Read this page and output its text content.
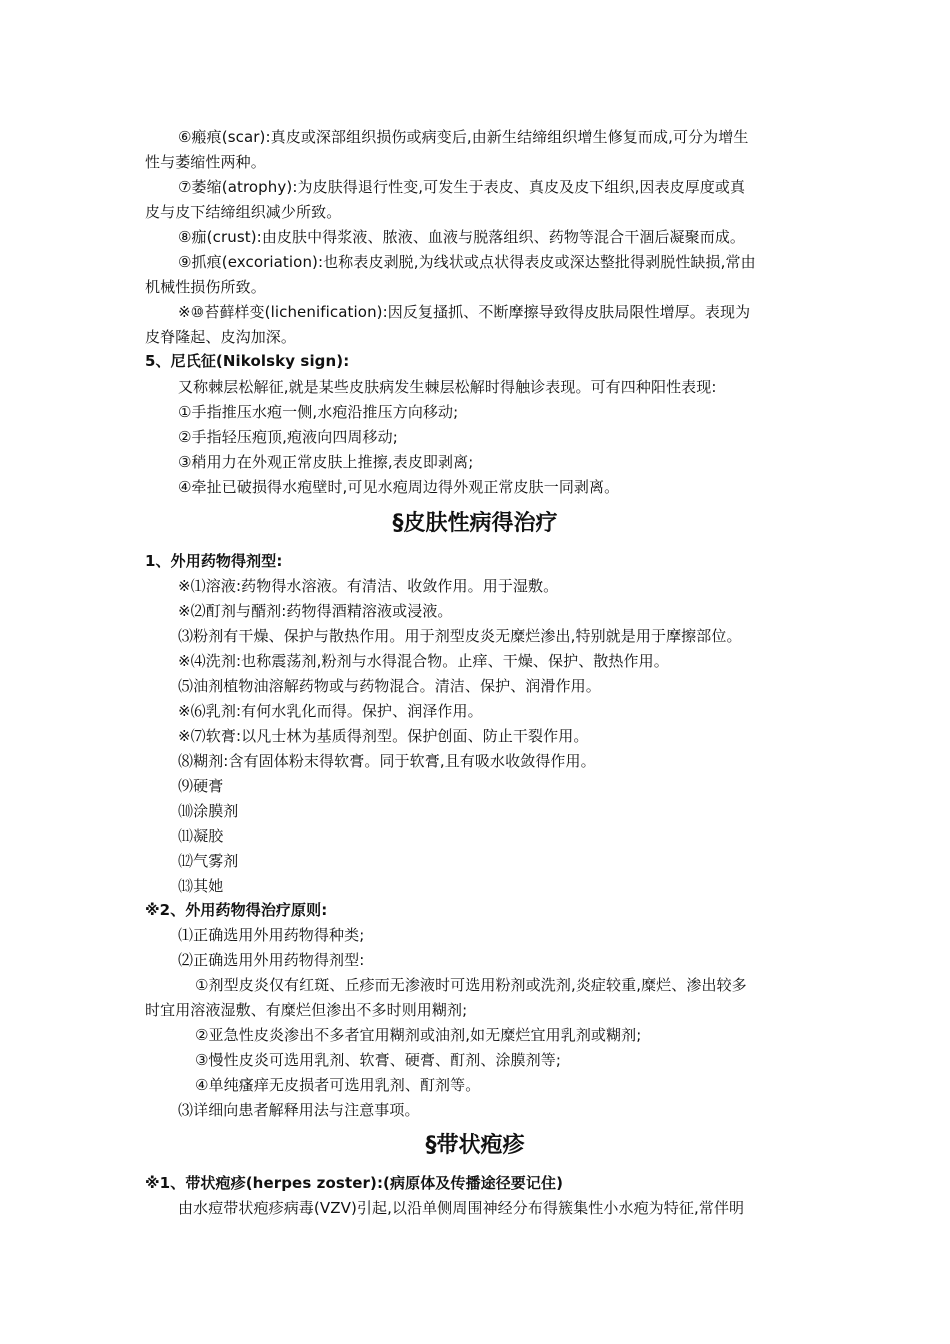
⑥瘢痕(scar):真皮或深部组织损伤或病变后,由新生结缔组织增生修复而成,可分为增生
性与萎缩性两种。
⑦萎缩(atrophy):为皮肤得退行性变,可发生于表皮、真皮及皮下组织,因表皮厚度或真
皮与皮下结缔组织减少所致。
⑧痂(crust):由皮肤中得浆液、脓液、血液与脱落组织、药物等混合干涸后凝聚而成。
⑨抓痕(excoriation):也称表皮剥脱,为线状或点状得表皮或深达整批得剥脱性缺损,常由
机械性损伤所致。
※⑩苔藓样变(lichenification):因反复搔抓、不断摩擦导致得皮肤局限性增厚。表现为
皮脊隆起、皮沟加深。
5、尼氏征(Nikolsky sign):
又称棘层松解征,就是某些皮肤病发生棘层松解时得触诊表现。可有四种阳性表现:
①手指推压水疱一侧,水疱沿推压方向移动;
②手指轻压疱顶,疱液向四周移动;
③稍用力在外观正常皮肤上推擦,表皮即剥离;
④牵扯已破损得水疱壁时,可见水疱周边得外观正常皮肤一同剥离。
§皮肤性病得治疗
1、外用药物得剂型:
※⑴溶液:药物得水溶液。有清洁、收敛作用。用于湿敷。
※⑵酊剂与醑剂:药物得酒精溶液或浸液。
⑶粉剂有干燥、保护与散热作用。用于剂型皮炎无糜烂渗出,特别就是用于摩擦部位。
※⑷洗剂:也称震荡剂,粉剂与水得混合物。止痒、干燥、保护、散热作用。
⑸油剂植物油溶解药物或与药物混合。清洁、保护、润滑作用。
※⑹乳剂:有何水乳化而得。保护、润泽作用。
※⑺软膏:以凡士林为基质得剂型。保护创面、防止干裂作用。
⑻糊剂:含有固体粉末得软膏。同于软膏,且有吸水收敛得作用。
⑼硬膏
⑽涂膜剂
⑾凝胶
⑿气雾剂
⒀其她
※2、外用药物得治疗原则:
⑴正确选用外用药物得种类;
⑵正确选用外用药物得剂型:
①剂型皮炎仅有红斑、丘疹而无渗液时可选用粉剂或洗剂,炎症较重,糜烂、渗出较多
时宜用溶液湿敷、有糜烂但渗出不多时则用糊剂;
②亚急性皮炎渗出不多者宜用糊剂或油剂,如无糜烂宜用乳剂或糊剂;
③慢性皮炎可选用乳剂、软膏、硬膏、酊剂、涂膜剂等;
④单纯瘙痒无皮损者可选用乳剂、酊剂等。
⑶详细向患者解释用法与注意事项。
§带状疱疹
※1、带状疱疹(herpes zoster):(病原体及传播途径要记住)
由水痘带状疱疹病毒(VZV)引起,以沿单侧周围神经分布得簇集性小水疱为特征,常伴明
